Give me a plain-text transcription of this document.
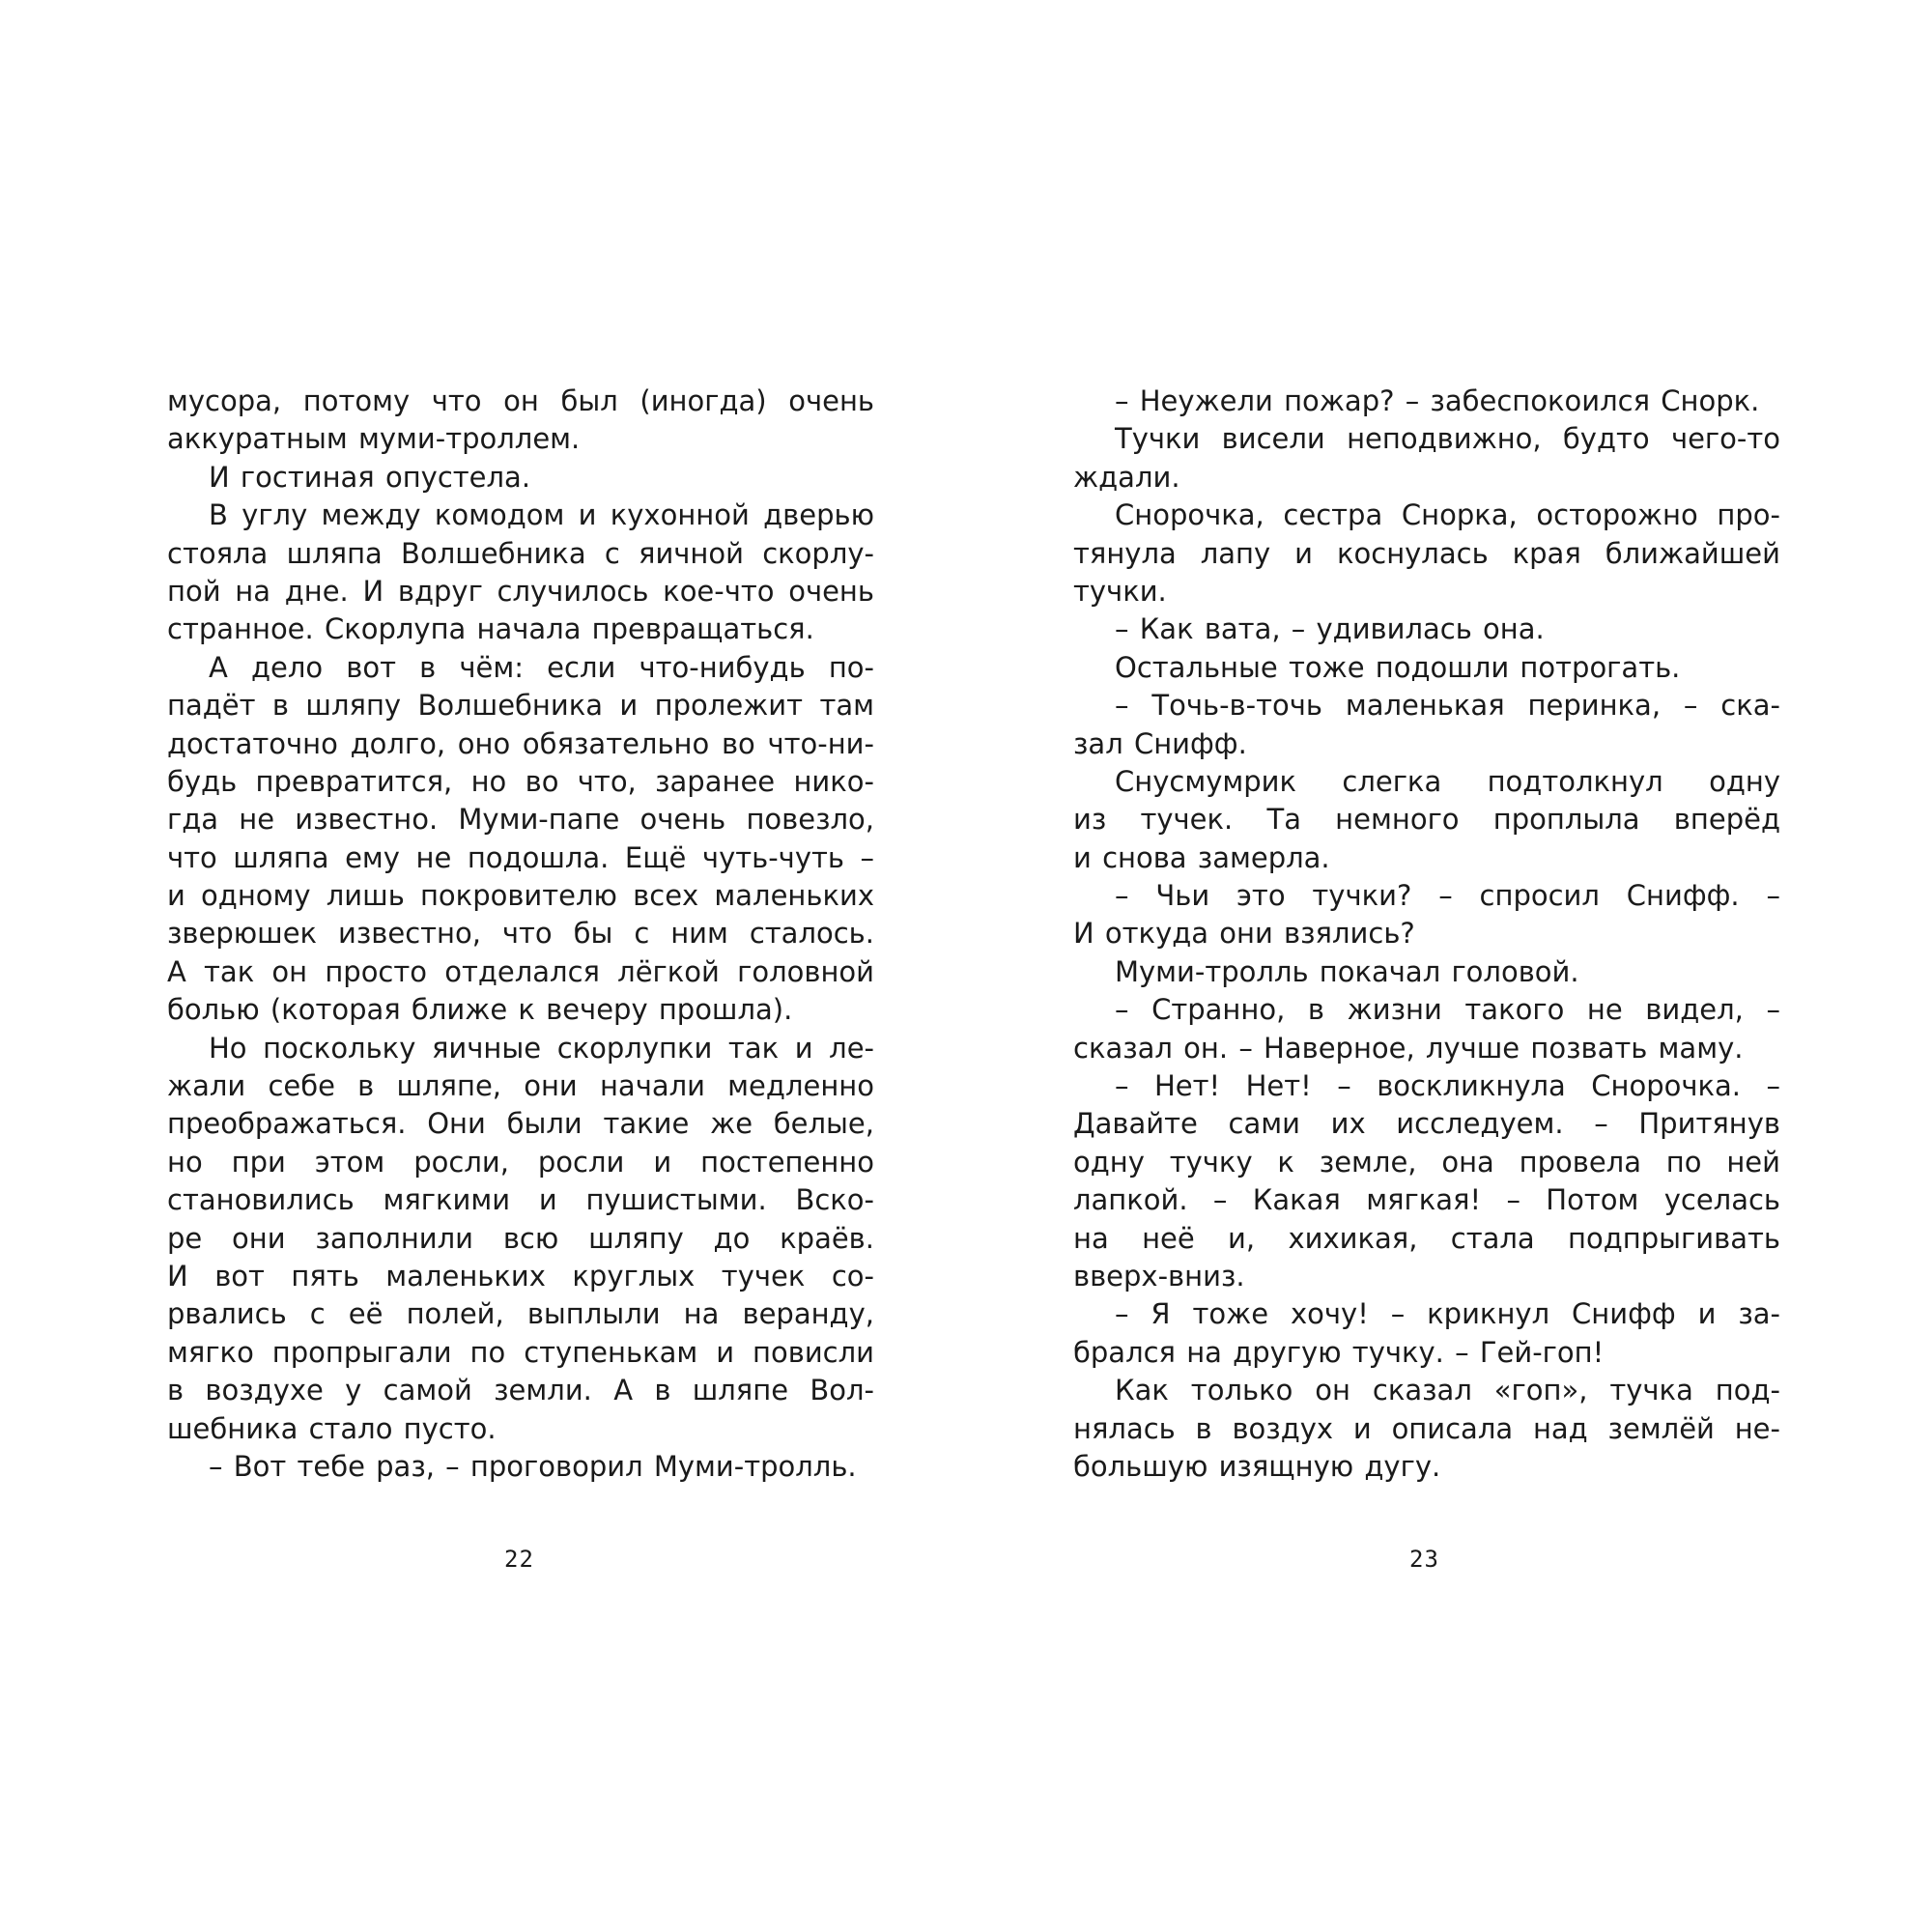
мусора, потому что он был (иногда) очень
аккуратным муми-троллем.
И гостиная опустела.
В углу между комодом и кухонной дверью
стояла шляпа Волшебника с яичной скорлу-
пой на дне. И вдруг случилось кое-что очень
странное. Скорлупа начала превращаться.
А дело вот в чём: если что-нибудь по-
падёт в шляпу Волшебника и пролежит там
достаточно долго, оно обязательно во что-ни-
будь превратится, но во что, заранее нико-
гда не известно. Муми-папе очень повезло,
что шляпа ему не подошла. Ещё чуть-чуть –
и одному лишь покровителю всех маленьких
зверюшек известно, что бы с ним сталось.
А так он просто отделался лёгкой головной
болью (которая ближе к вечеру прошла).
Но поскольку яичные скорлупки так и ле-
жали себе в шляпе, они начали медленно
преображаться. Они были такие же белые,
но при этом росли, росли и постепенно
становились мягкими и пушистыми. Вско-
ре они заполнили всю шляпу до краёв.
И вот пять маленьких круглых тучек со-
рвались с её полей, выплыли на веранду,
мягко пропрыгали по ступенькам и повисли
в воздухе у самой земли. А в шляпе Вол-
шебника стало пусто.
– Вот тебе раз, – проговорил Муми-тролль.
22
– Неужели пожар? – забеспокоился Снорк.
Тучки висели неподвижно, будто чего-то
ждали.
Снорочка, сестра Снорка, осторожно про-
тянула лапу и коснулась края ближайшей
тучки.
– Как вата, – удивилась она.
Остальные тоже подошли потрогать.
– Точь-в-точь маленькая перинка, – ска-
зал Снифф.
Снусмумрик слегка подтолкнул одну
из тучек. Та немного проплыла вперёд
и снова замерла.
– Чьи это тучки? – спросил Снифф. –
И откуда они взялись?
Муми-тролль покачал головой.
– Странно, в жизни такого не видел, –
сказал он. – Наверное, лучше позвать маму.
– Нет! Нет! – воскликнула Снорочка. –
Давайте сами их исследуем. – Притянув
одну тучку к земле, она провела по ней
лапкой. – Какая мягкая! – Потом уселась
на неё и, хихикая, стала подпрыгивать
вверх-вниз.
– Я тоже хочу! – крикнул Снифф и за-
брался на другую тучку. – Гей-гоп!
Как только он сказал «гоп», тучка под-
нялась в воздух и описала над землёй не-
большую изящную дугу.
23
